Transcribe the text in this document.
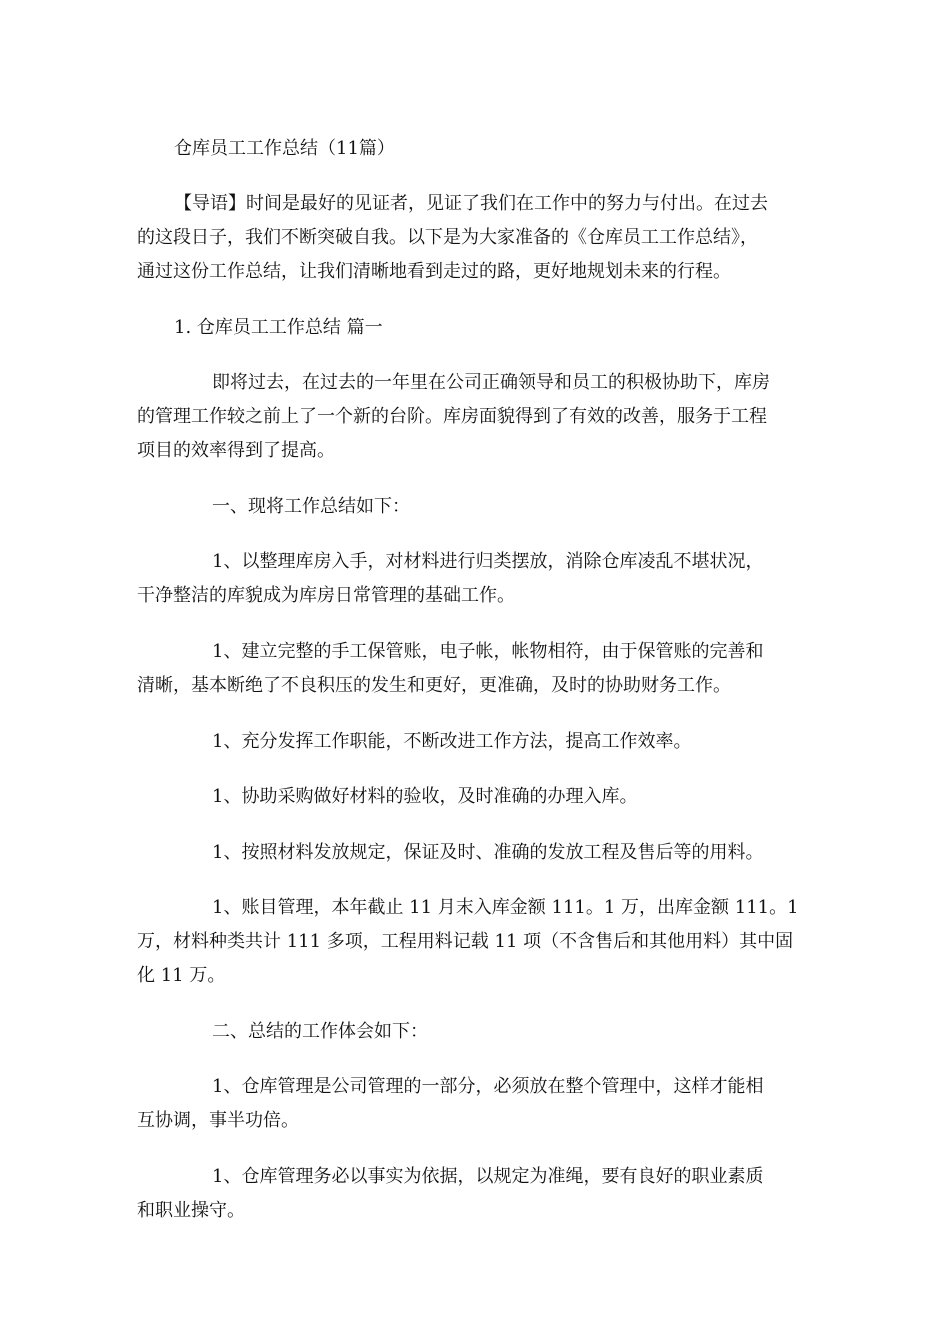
仓库员工工作总结（11篇）
【导语】时间是最好的见证者，见证了我们在工作中的努力与付出。在过去
的这段日子，我们不断突破自我。以下是为大家准备的《仓库员工工作总结》，
通过这份工作总结，让我们清晰地看到走过的路，更好地规划未来的行程。
1. 仓库员工工作总结 篇一
即将过去，在过去的一年里在公司正确领导和员工的积极协助下，库房
的管理工作较之前上了一个新的台阶。库房面貌得到了有效的改善，服务于工程
项目的效率得到了提高。
一、现将工作总结如下：
1、以整理库房入手，对材料进行归类摆放，消除仓库凌乱不堪状况，
干净整洁的库貌成为库房日常管理的基础工作。
1、建立完整的手工保管账，电子帐，帐物相符，由于保管账的完善和
清晰，基本断绝了不良积压的发生和更好，更准确，及时的协助财务工作。
1、充分发挥工作职能，不断改进工作方法，提高工作效率。
1、协助采购做好材料的验收，及时准确的办理入库。
1、按照材料发放规定，保证及时、准确的发放工程及售后等的用料。
1、账目管理，本年截止 11 月末入库金额 111。1 万，出库金额 111。1
万，材料种类共计 111 多项，工程用料记载 11 项（不含售后和其他用料）其中固
化 11 万。
二、总结的工作体会如下：
1、仓库管理是公司管理的一部分，必须放在整个管理中，这样才能相
互协调，事半功倍。
1、仓库管理务必以事实为依据，以规定为准绳，要有良好的职业素质
和职业操守。
